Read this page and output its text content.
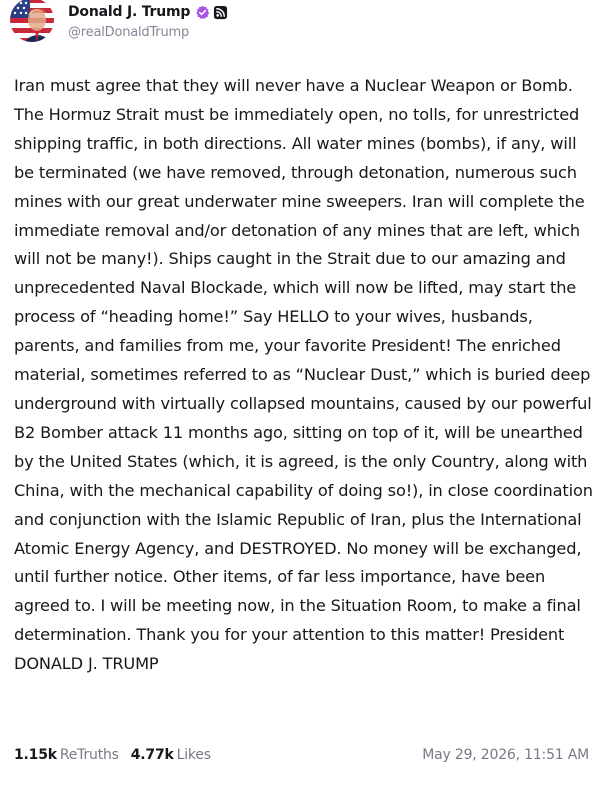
Donald J. Trump
@realDonaldTrump

Iran must agree that they will never have a Nuclear Weapon or Bomb. The Hormuz Strait must be immediately open, no tolls, for unrestricted shipping traffic, in both directions. All water mines (bombs), if any, will be terminated (we have removed, through detonation, numerous such mines with our great underwater mine sweepers. Iran will complete the immediate removal and/or detonation of any mines that are left, which will not be many!). Ships caught in the Strait due to our amazing and unprecedented Naval Blockade, which will now be lifted, may start the process of “heading home!” Say HELLO to your wives, husbands, parents, and families from me, your favorite President! The enriched material, sometimes referred to as “Nuclear Dust,” which is buried deep underground with virtually collapsed mountains, caused by our powerful B2 Bomber attack 11 months ago, sitting on top of it, will be unearthed by the United States (which, it is agreed, is the only Country, along with China, with the mechanical capability of doing so!), in close coordination and conjunction with the Islamic Republic of Iran, plus the International Atomic Energy Agency, and DESTROYED. No money will be exchanged, until further notice. Other items, of far less importance, have been agreed to. I will be meeting now, in the Situation Room, to make a final determination. Thank you for your attention to this matter! President DONALD J. TRUMP

1.15k ReTruths 4.77k Likes	May 29, 2026, 11:51 AM
